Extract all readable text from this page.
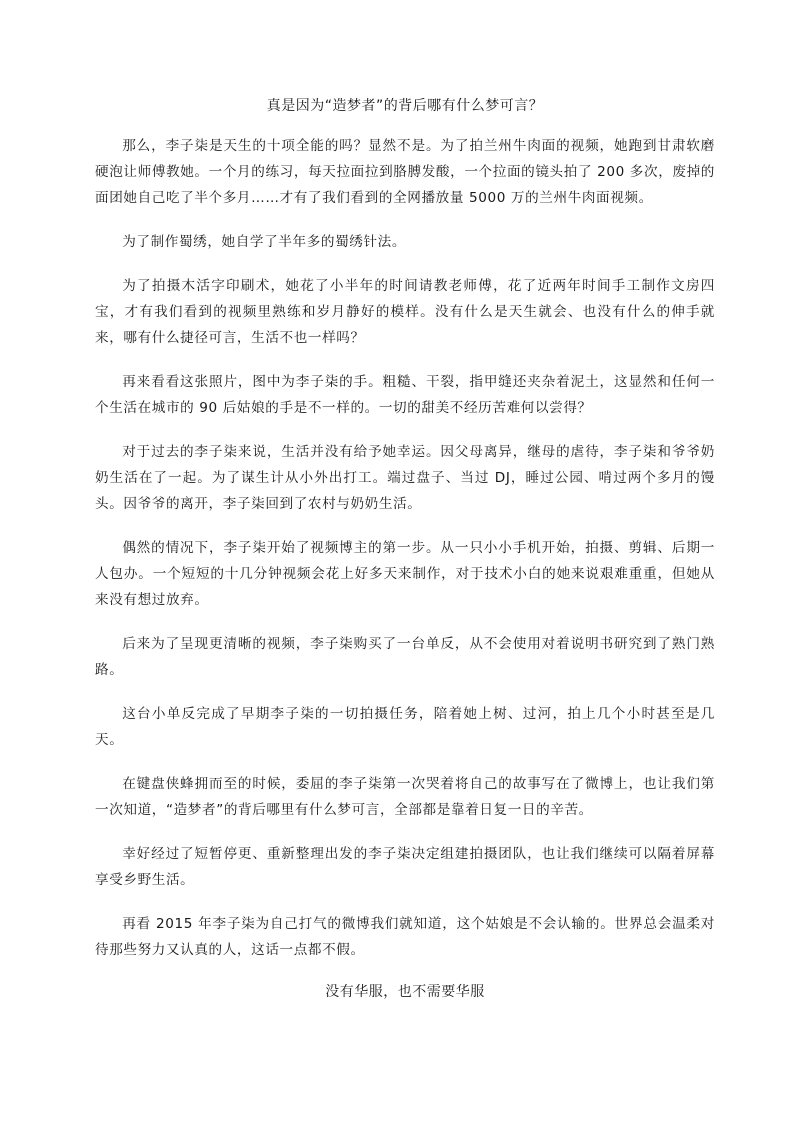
真是因为“造梦者”的背后哪有什么梦可言？

那么，李子柒是天生的十项全能的吗？显然不是。为了拍兰州牛肉面的视频，她跑到甘肃软磨硬泡让师傅教她。一个月的练习，每天拉面拉到胳膊发酸，一个拉面的镜头拍了 200 多次，废掉的面团她自己吃了半个多月……才有了我们看到的全网播放量 5000 万的兰州牛肉面视频。

为了制作蜀绣，她自学了半年多的蜀绣针法。

为了拍摄木活字印刷术，她花了小半年的时间请教老师傅，花了近两年时间手工制作文房四宝，才有我们看到的视频里熟练和岁月静好的模样。没有什么是天生就会、也没有什么的伸手就来，哪有什么捷径可言，生活不也一样吗？

再来看看这张照片，图中为李子柒的手。粗糙、干裂，指甲缝还夹杂着泥土，这显然和任何一个生活在城市的 90 后姑娘的手是不一样的。一切的甜美不经历苦难何以尝得？

对于过去的李子柒来说，生活并没有给予她幸运。因父母离异，继母的虐待，李子柒和爷爷奶奶生活在了一起。为了谋生计从小外出打工。端过盘子、当过 DJ，睡过公园、啃过两个多月的馒头。因爷爷的离开，李子柒回到了农村与奶奶生活。

偶然的情况下，李子柒开始了视频博主的第一步。从一只小小手机开始，拍摄、剪辑、后期一人包办。一个短短的十几分钟视频会花上好多天来制作，对于技术小白的她来说艰难重重，但她从来没有想过放弃。

后来为了呈现更清晰的视频，李子柒购买了一台单反，从不会使用对着说明书研究到了熟门熟路。

这台小单反完成了早期李子柒的一切拍摄任务，陪着她上树、过河，拍上几个小时甚至是几天。

在键盘侠蜂拥而至的时候，委屈的李子柒第一次哭着将自己的故事写在了微博上，也让我们第一次知道，“造梦者”的背后哪里有什么梦可言，全部都是靠着日复一日的辛苦。

幸好经过了短暂停更、重新整理出发的李子柒决定组建拍摄团队，也让我们继续可以隔着屏幕享受乡野生活。

再看 2015 年李子柒为自己打气的微博我们就知道，这个姑娘是不会认输的。世界总会温柔对待那些努力又认真的人，这话一点都不假。

没有华服，也不需要华服
